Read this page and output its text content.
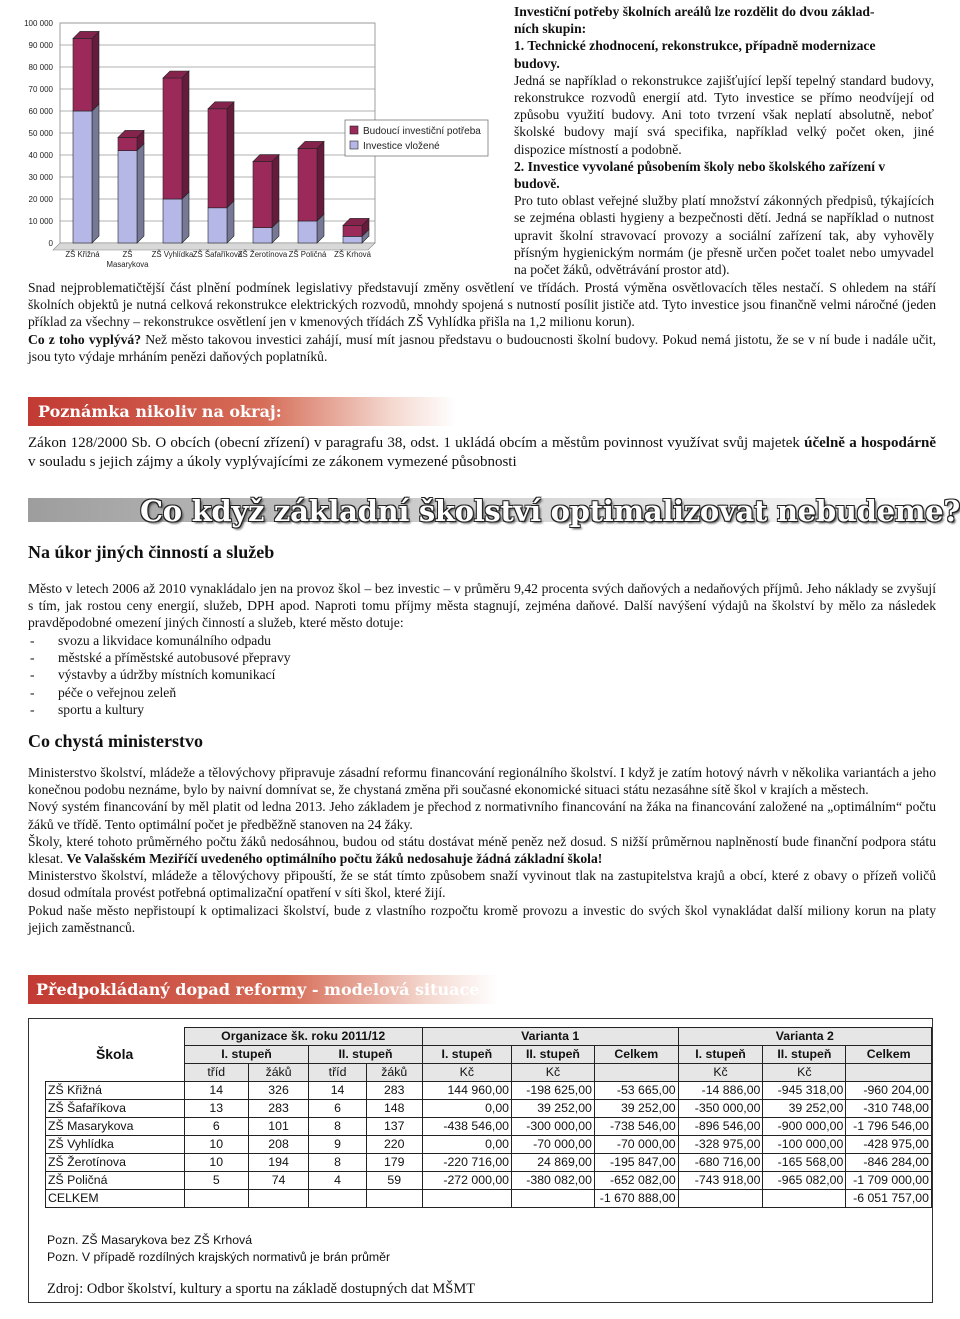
0
10 000
20 000
30 000
40 000
50 000
60 000
70 000
80 000
90 000
100 000
ZŠ Křižná	ZŠ
Masarykova
ZŠ Vyhlídka ZŠ Šafaříkova
ZŠ Žerotínova ZŠ Poličná ZŠ Krhová
Budoucí investiční potřeba
Investice vložené

Investiční potřeby školních areálů lze rozdělit do dvou základ-

ních skupin:

1. Technické zhodnocení, rekonstrukce, případně modernizace

budovy.

Jedná se například o rekonstrukce zajišťující lepší tepelný standard budovy, rekonstrukce rozvodů energií atd. Tyto investice se přímo neodvíjejí od způsobu využití budovy. Ani toto tvrzení však neplatí absolutně, neboť školské budovy mají svá specifika, například velký počet oken, jiné dispozice místností a podobně.

2. Investice vyvolané působením školy nebo školského zařízení v budově.

Pro tuto oblast veřejné služby platí množství zákonných předpisů, týkajících se zejména oblasti hygieny a bezpečnosti dětí. Jedná se například o nutnost upravit školní stravovací provozy a sociální zařízení tak, aby vyhověly přísným hygienickým normám (je přesně určen počet toalet nebo umyvadel na počet žáků, odvětrávání prostor atd).

Snad nejproblematičtější část plnění podmínek legislativy představují změny osvětlení ve třídách. Prostá výměna osvětlovacích těles nestačí. S ohledem na stáří školních objektů je nutná celková rekonstrukce elektrických rozvodů, mnohdy spojená s nutností posílit jističe atd. Tyto investice jsou finančně velmi náročné (jeden příklad za všechny – rekonstrukce osvětlení jen v kmenových třídách ZŠ Vyhlídka přišla na 1,2 milionu korun).
Co z toho vyplývá? Než město takovou investici zahájí, musí mít jasnou představu o budoucnosti školní budovy. Pokud nemá jistotu, že se v ní bude i nadále učit, jsou tyto výdaje mrháním penězi daňových poplatníků.
Poznámka nikoliv na okraj:
Zákon 128/2000 Sb. O obcích (obecní zřízení) v paragrafu 38, odst. 1 ukládá obcím a městům povinnost využívat svůj majetek účelně a hospodárně v souladu s jejich zájmy a úkoly vyplývajícími ze zákonem vymezené působnosti
Co když základní školství optimalizovat nebudeme?
Na úkor jiných činností a služeb
Město v letech 2006 až 2010 vynakládalo jen na provoz škol – bez investic – v průměru 9,42 procenta svých daňových a nedaňových příjmů. Jeho náklady se zvyšují s tím, jak rostou ceny energií, služeb, DPH apod. Naproti tomu příjmy města stagnují, zejména daňové. Další navýšení výdajů na školství by mělo za následek pravděpodobné omezení jiných činností a služeb, které město dotuje:
- svozu a likvidace komunálního odpadu
- městské a příměstské autobusové přepravy
- výstavby a údržby místních komunikací
- péče o veřejnou zeleň
- sportu a kultury
Co chystá ministerstvo

Ministerstvo školství, mládeže a tělovýchovy připravuje zásadní reformu financování regionálního školství. I když je zatím hotový návrh v několika variantách a jeho konečnou podobu neznáme, bylo by naivní domnívat se, že chystaná změna při současné ekonomické situaci státu nezasáhne sítě škol v krajích a městech.

Nový systém financování by měl platit od ledna 2013. Jeho základem je přechod z normativního financování na žáka na financování založené na „optimálním“ počtu žáků ve třídě. Tento optimální počet je předběžně stanoven na 24 žáky.

Školy, které tohoto průměrného počtu žáků nedosáhnou, budou od státu dostávat méně peněz než dosud. S nižší průměrnou naplněností bude finanční podpora státu klesat. Ve Valašském Meziříčí uvedeného optimálního počtu žáků nedosahuje žádná základní škola!

Ministerstvo školství, mládeže a tělovýchovy připouští, že se stát tímto způsobem snaží vyvinout tlak na zastupitelstva krajů a obcí, které z obavy o přízeň voličů dosud odmítala provést potřebná optimalizační opatření v síti škol, které žijí.

Pokud naše město nepřistoupí k optimalizaci školství, bude z vlastního rozpočtu kromě provozu a investic do svých škol vynakládat další miliony korun na platy jejich zaměstnanců.

Předpokládaný dopad reformy - modelová situace
	Organizace šk. roku 2011/12				Varianta 1			Varianta 2		
Škola	I. stupeň		II. stupeň		I. stupeň	II. stupeň	Celkem	I. stupeň	II. stupeň	Celkem
	tříd	žáků	tříd	žáků	Kč	Kč		Kč	Kč	
ZŠ Křižná	14	326	14	283	144 960,00	-198 625,00	-53 665,00	-14 886,00	-945 318,00	-960 204,00
ZŠ Šafaříkova	13	283	6	148	0,00	39 252,00	39 252,00	-350 000,00	39 252,00	-310 748,00
ZŠ Masarykova	6	101	8	137	-438 546,00	-300 000,00	-738 546,00	-896 546,00	-900 000,00	-1 796 546,00
ZŠ Vyhlídka	10	208	9	220	0,00	-70 000,00	-70 000,00	-328 975,00	-100 000,00	-428 975,00
ZŠ Žerotínova	10	194	8	179	-220 716,00	24 869,00	-195 847,00	-680 716,00	-165 568,00	-846 284,00
ZŠ Poličná	5	74	4	59	-272 000,00	-380 082,00	-652 082,00	-743 918,00	-965 082,00	-1 709 000,00
CELKEM							-1 670 888,00			-6 051 757,00
Pozn. ZŠ Masarykova bez ZŠ Krhová
Pozn. V případě rozdílných krajských normativů je brán průměr
Zdroj: Odbor školství, kultury a sportu na základě dostupných dat MŠMT
